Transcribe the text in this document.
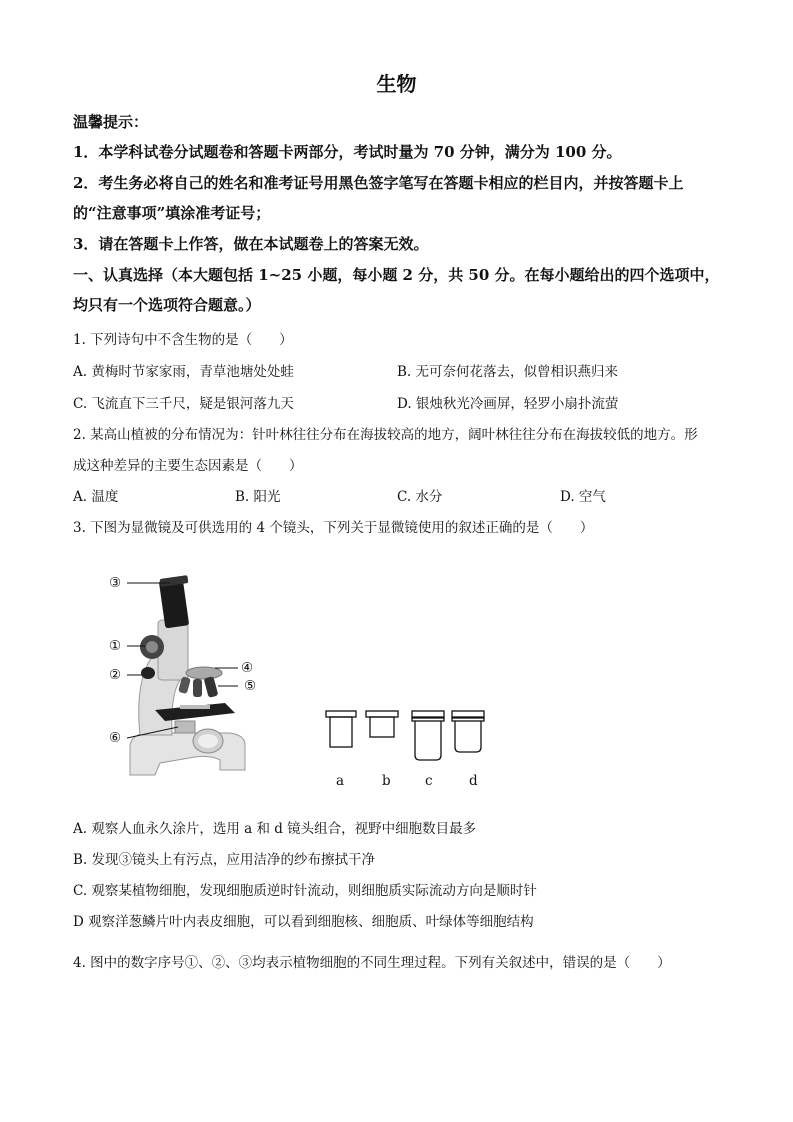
生物
温馨提示：
1．本学科试卷分试题卷和答题卡两部分，考试时量为 70 分钟，满分为 100 分。
2．考生务必将自己的姓名和准考证号用黑色签字笔写在答题卡相应的栏目内，并按答题卡上
的“注意事项”填涂准考证号；
3．请在答题卡上作答，做在本试题卷上的答案无效。
一、认真选择（本大题包括 1~25 小题，每小题 2 分，共 50 分。在每小题给出的四个选项中，
均只有一个选项符合题意。）
1. 下列诗句中不含生物的是（　　）
A. 黄梅时节家家雨，青草池塘处处蛙	B. 无可奈何花落去，似曾相识燕归来
C. 飞流直下三千尺，疑是银河落九天	D. 银烛秋光冷画屏，轻罗小扇扑流萤
2. 某高山植被的分布情况为：针叶林往往分布在海拔较高的地方，阔叶林往往分布在海拔较低的地方。形
成这种差异的主要生态因素是（　　）
A. 温度	B. 阳光	C. 水分	D. 空气
3. 下图为显微镜及可供选用的 4 个镜头，下列关于显微镜使用的叙述正确的是（　　）
③
①
②	④
⑤
⑥
a	b	c	d
A. 观察人血永久涂片，选用 a 和 d 镜头组合，视野中细胞数目最多
B. 发现③镜头上有污点，应用洁净的纱布擦拭干净
C. 观察某植物细胞，发现细胞质逆时针流动，则细胞质实际流动方向是顺时针
D 观察洋葱鳞片叶内表皮细胞，可以看到细胞核、细胞质、叶绿体等细胞结构
4. 图中的数字序号①、②、③均表示植物细胞的不同生理过程。下列有关叙述中，错误的是（　　）
